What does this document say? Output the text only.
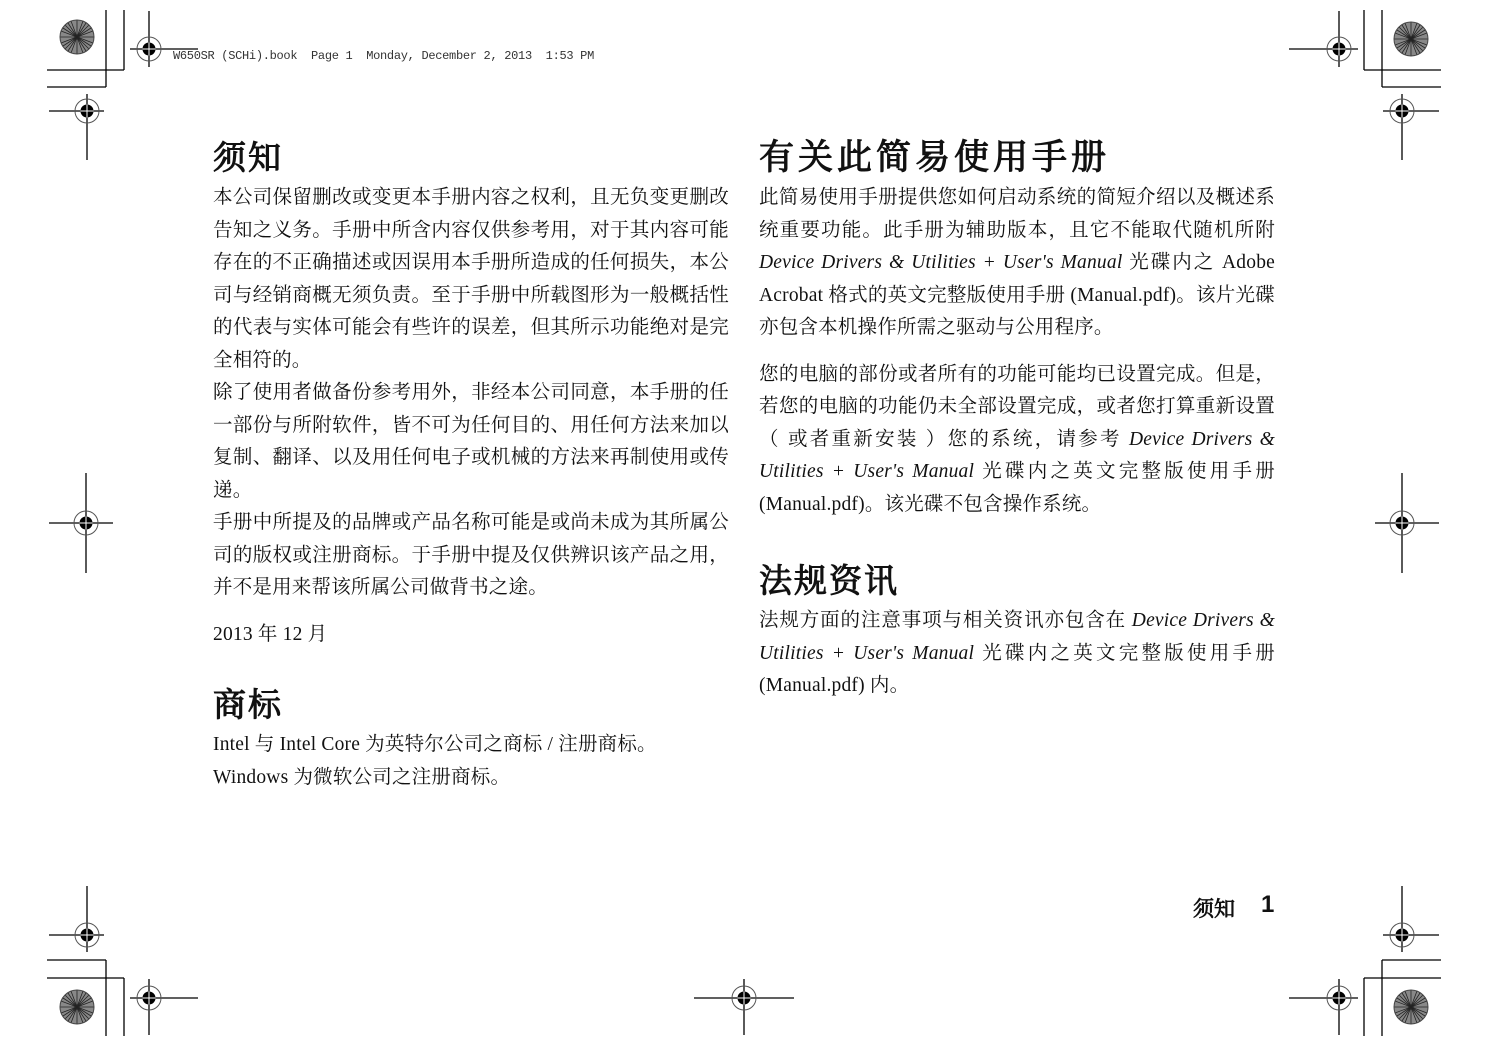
W650SR (SCHi).book  Page 1  Monday, December 2, 2013  1:53 PM
须知

本公司保留删改或变更本手册内容之权利，且无负变更删改告知之义务。手册中所含内容仅供参考用，对于其内容可能存在的不正确描述或因误用本手册所造成的任何损失，本公司与经销商概无须负责。至于手册中所载图形为一般概括性的代表与实体可能会有些许的误差，但其所示功能绝对是完全相符的。

除了使用者做备份参考用外，非经本公司同意，本手册的任一部份与所附软件，皆不可为任何目的、用任何方法来加以复制、翻译、以及用任何电子或机械的方法来再制使用或传递。

手册中所提及的品牌或产品名称可能是或尚未成为其所属公司的版权或注册商标。于手册中提及仅供辨识该产品之用，并不是用来帮该所属公司做背书之途。

2013 年 12 月

商标

Intel 与 Intel Core 为英特尔公司之商标 / 注册商标。

Windows 为微软公司之注册商标。

有关此简易使用手册

此简易使用手册提供您如何启动系统的简短介绍以及概述系统重要功能。此手册为辅助版本，且它不能取代随机所附 Device Drivers & Utilities + User's Manual 光碟内之 Adobe Acrobat 格式的英文完整版使用手册 (Manual.pdf)。该片光碟亦包含本机操作所需之驱动与公用程序。

您的电脑的部份或者所有的功能可能均已设置完成。但是，若您的电脑的功能仍未全部设置完成，或者您打算重新设置（ 或者重新安装 ）您的系统，请参考 Device Drivers & Utilities + User's Manual 光碟内之英文完整版使用手册 (Manual.pdf)。该光碟不包含操作系统。

法规资讯

法规方面的注意事项与相关资讯亦包含在 Device Drivers & Utilities + User's Manual 光碟内之英文完整版使用手册 (Manual.pdf) 内。

须知 1
